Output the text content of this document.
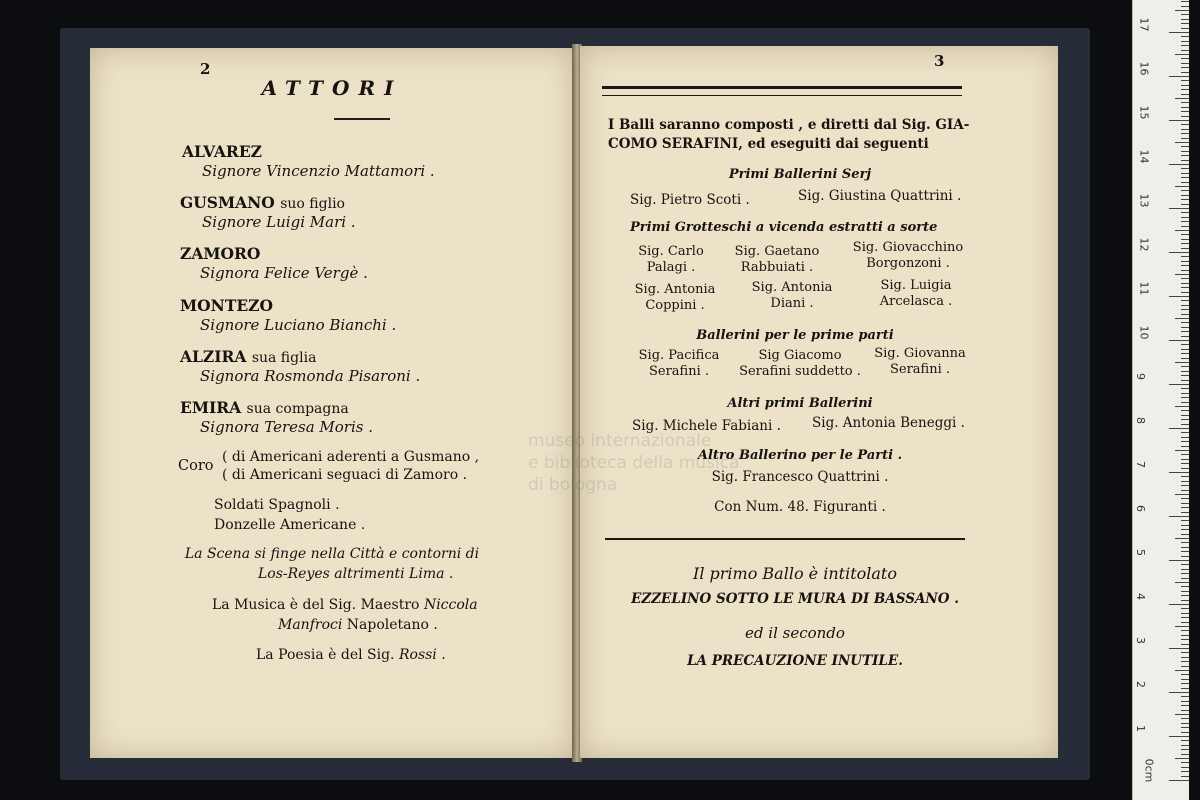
2
ATTORI
ALVAREZ
Signore Vincenzio Mattamori .
GUSMANO suo figlio
Signore Luigi Mari .
ZAMORO
Signora Felice Vergè .
MONTEZO
Signore Luciano Bianchi .
ALZIRA sua figlia
Signora Rosmonda Pisaroni .
EMIRA sua compagna
Signora Teresa Moris .
Coro
( di Americani aderenti a Gusmano ,
( di Americani seguaci di Zamoro .
Soldati Spagnoli .
Donzelle Americane .
La Scena si finge nella Città e contorni di
Los-Reyes altrimenti Lima .
La Musica è del Sig. Maestro Niccola
Manfroci Napoletano .
La Poesia è del Sig. Rossi .
3
I Balli saranno composti , e diretti dal Sig. GIA-
COMO SERAFINI, ed eseguiti dai seguenti
Primi Ballerini Serj
Sig. Pietro Scoti .	Sig. Giustina Quattrini .
Primi Grotteschi a vicenda estratti a sorte
Sig. Carlo
Palagi .
Sig. Gaetano
Rabbuiati .
Sig. Giovacchino
Borgonzoni .
Sig. Antonia
Coppini .
Sig. Antonia
Diani .
Sig. Luigia
Arcelasca .
Ballerini per le prime parti
Sig. Pacifica
Serafini .
Sig Giacomo
Serafini suddetto .
Sig. Giovanna
Serafini .
Altri primi Ballerini
Sig. Michele Fabiani . Sig. Antonia Beneggi .
Altro Ballerino per le Parti .
Sig. Francesco Quattrini .
Con Num. 48. Figuranti .
Il primo Ballo è intitolato
EZZELINO SOTTO LE MURA DI BASSANO .
ed il secondo
LA PRECAUZIONE INUTILE.
museo internazionale
e biblioteca della musica
di bologna
0cm
1
2
3
4
5
6
7
8
9
10
11
12
13
14
15
16
17
